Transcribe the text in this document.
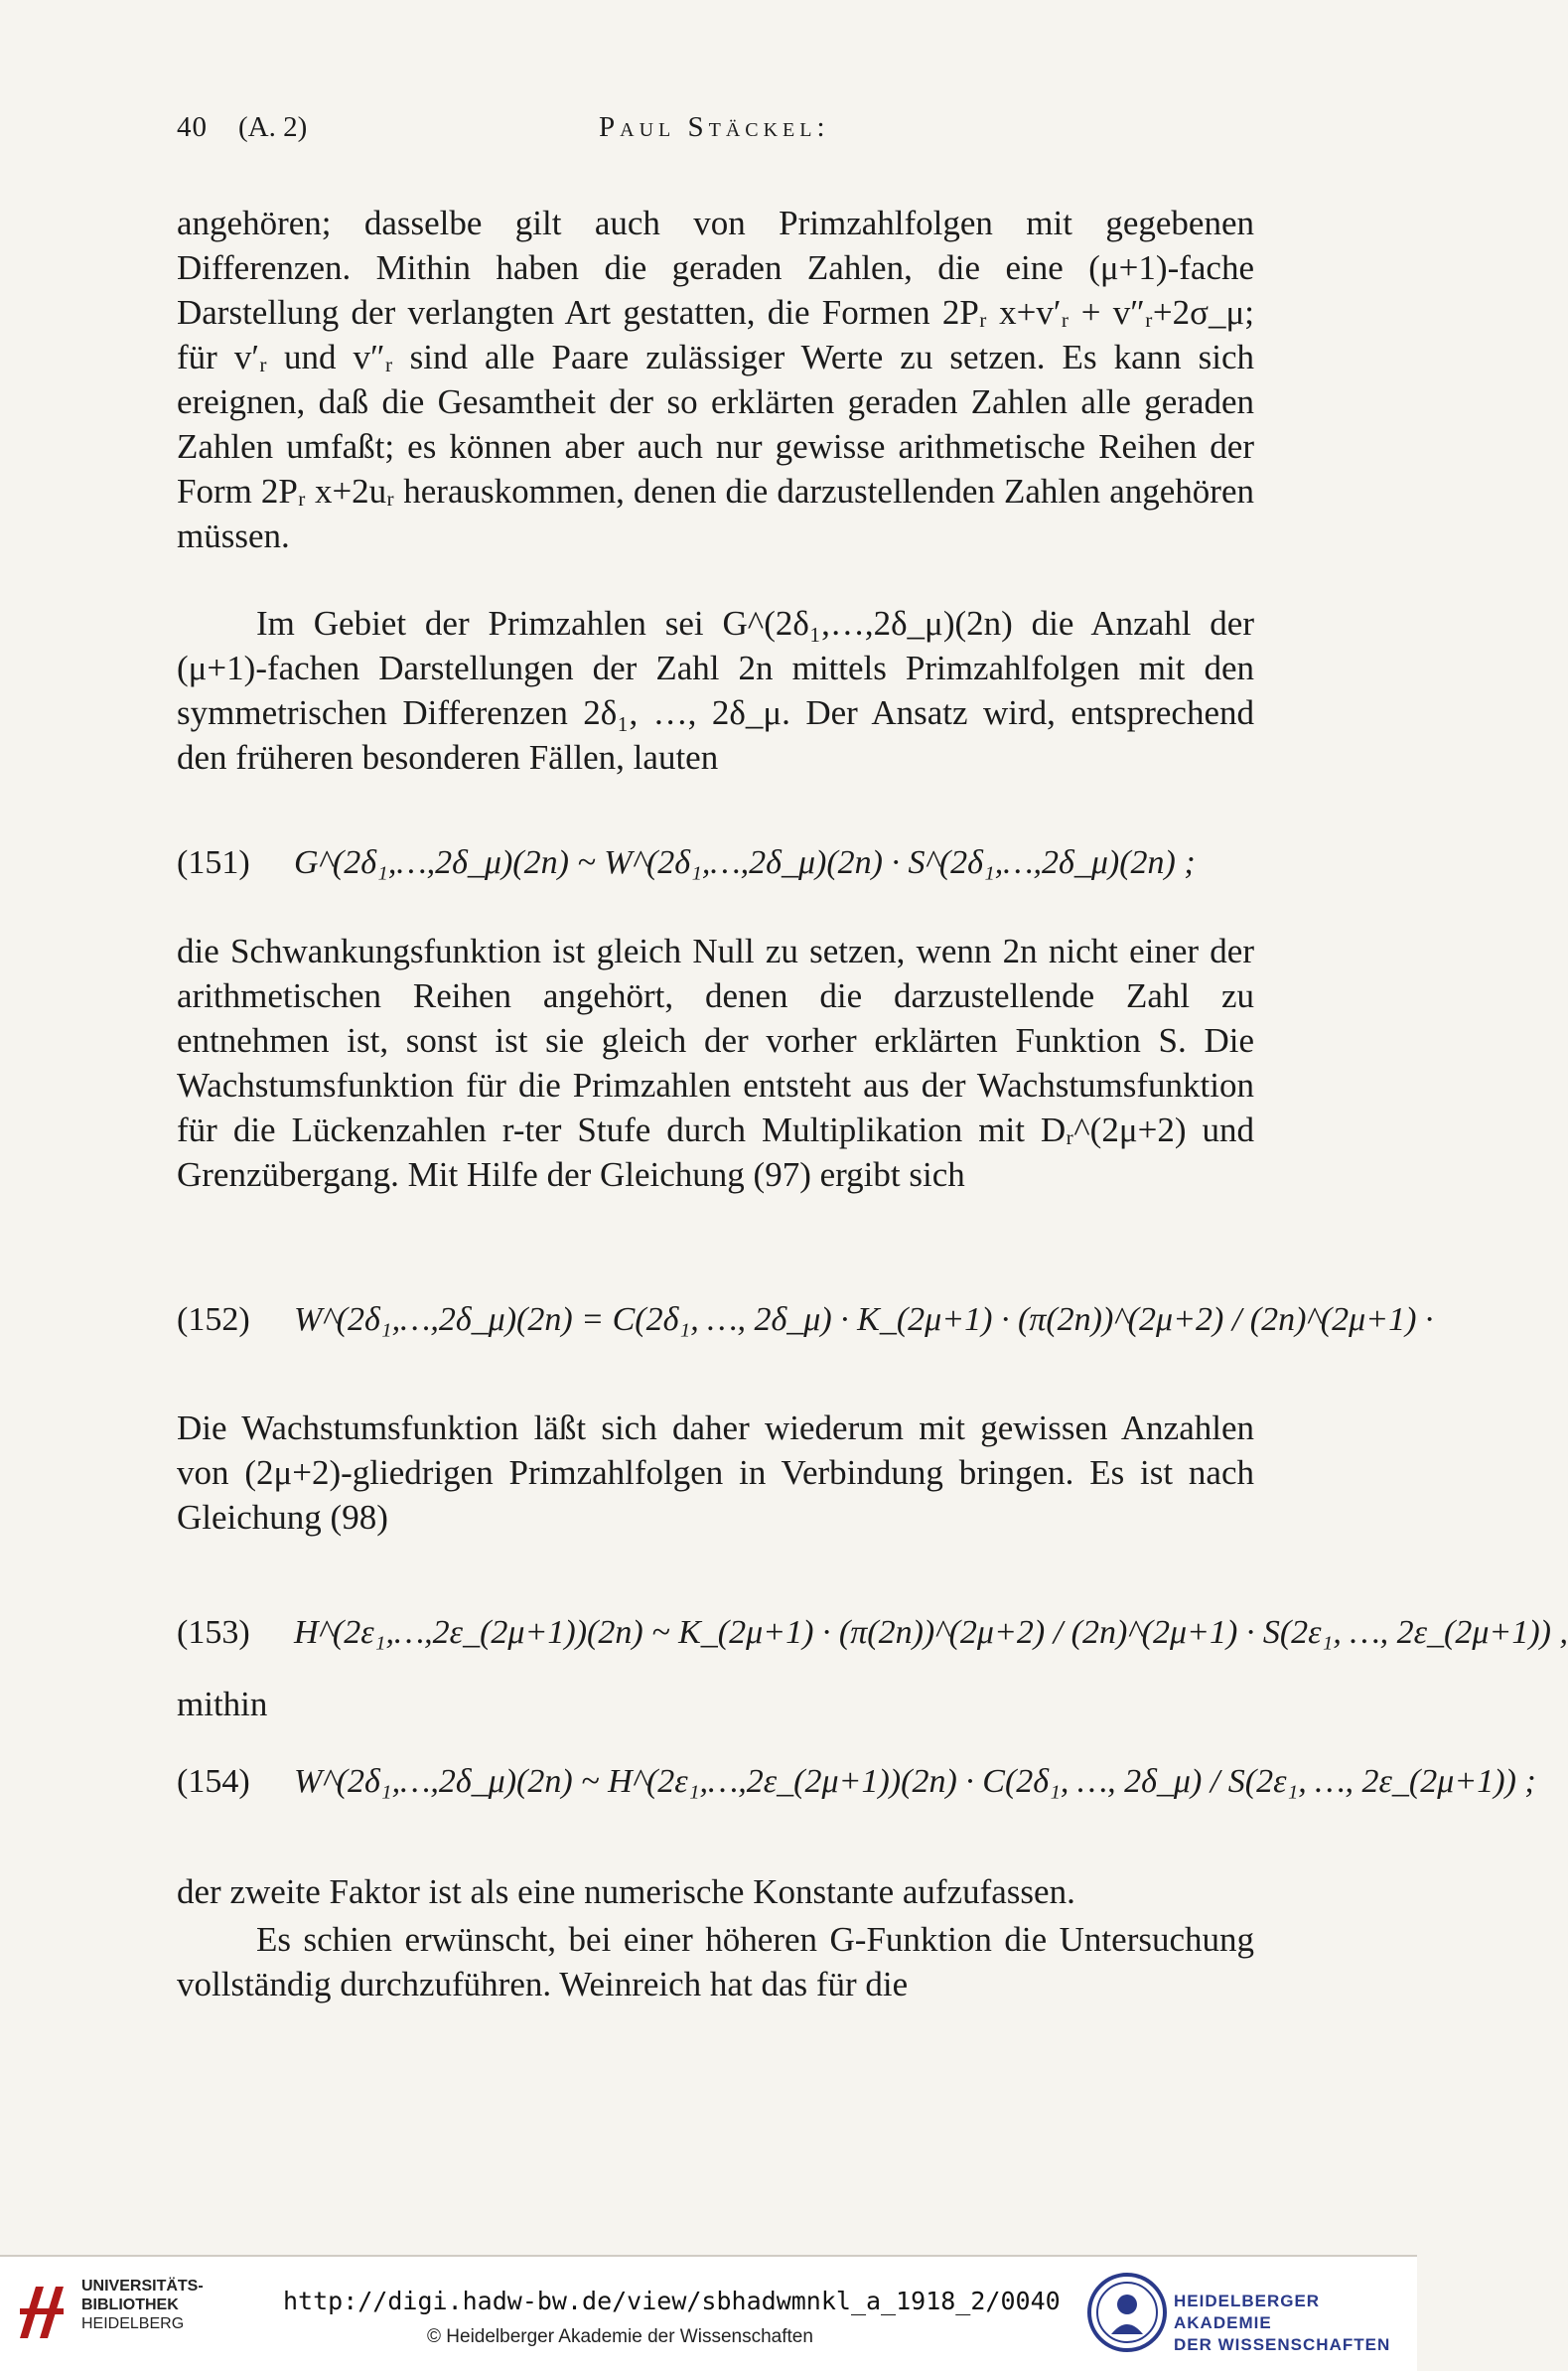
40 (A. 2)	Paul Stäckel:

angehören; dasselbe gilt auch von Primzahlfolgen mit gegebenen Differenzen. Mithin haben die geraden Zahlen, die eine (μ+1)-fache Darstellung der verlangten Art gestatten, die Formen 2Pᵣ x+v′ᵣ + v″ᵣ+2σ_μ; für v′ᵣ und v″ᵣ sind alle Paare zulässiger Werte zu setzen. Es kann sich ereignen, daß die Gesamtheit der so erklärten geraden Zahlen alle geraden Zahlen umfaßt; es können aber auch nur gewisse arithmetische Reihen der Form 2Pᵣ x+2uᵣ herauskommen, denen die darzustellenden Zahlen angehören müssen.

Im Gebiet der Primzahlen sei G^(2δ₁,…,2δ_μ)(2n) die Anzahl der (μ+1)-fachen Darstellungen der Zahl 2n mittels Primzahlfolgen mit den symmetrischen Differenzen 2δ₁, …, 2δ_μ. Der Ansatz wird, entsprechend den früheren besonderen Fällen, lauten

(151) G^(2δ₁,…,2δ_μ)(2n) ~ W^(2δ₁,…,2δ_μ)(2n) · S^(2δ₁,…,2δ_μ)(2n) ;

die Schwankungsfunktion ist gleich Null zu setzen, wenn 2n nicht einer der arithmetischen Reihen angehört, denen die darzustellende Zahl zu entnehmen ist, sonst ist sie gleich der vorher erklärten Funktion S. Die Wachstumsfunktion für die Primzahlen entsteht aus der Wachstumsfunktion für die Lückenzahlen r-ter Stufe durch Multiplikation mit Dᵣ^(2μ+2) und Grenzübergang. Mit Hilfe der Gleichung (97) ergibt sich

(152) W^(2δ₁,…,2δ_μ)(2n) = C(2δ₁, …, 2δ_μ) · K_(2μ+1) · (π(2n))^(2μ+2) / (2n)^(2μ+1) ·

Die Wachstumsfunktion läßt sich daher wiederum mit gewissen Anzahlen von (2μ+2)-gliedrigen Primzahlfolgen in Verbindung bringen. Es ist nach Gleichung (98)

(153) H^(2ε₁,…,2ε_(2μ+1))(2n) ~ K_(2μ+1) · (π(2n))^(2μ+2) / (2n)^(2μ+1) · S(2ε₁, …, 2ε_(2μ+1)) ,

mithin

(154) W^(2δ₁,…,2δ_μ)(2n) ~ H^(2ε₁,…,2ε_(2μ+1))(2n) · C(2δ₁, …, 2δ_μ) / S(2ε₁, …, 2ε_(2μ+1)) ;

der zweite Faktor ist als eine numerische Konstante aufzufassen.

Es schien erwünscht, bei einer höheren G-Funktion die Untersuchung vollständig durchzuführen. Weinreich hat das für die

UNIVERSITÄTS-
BIBLIOTHEK
HEIDELBERG
http://digi.hadw-bw.de/view/sbhadwmnkl_a_1918_2/0040
© Heidelberger Akademie der Wissenschaften
HEIDELBERGER AKADEMIE
DER WISSENSCHAFTEN
